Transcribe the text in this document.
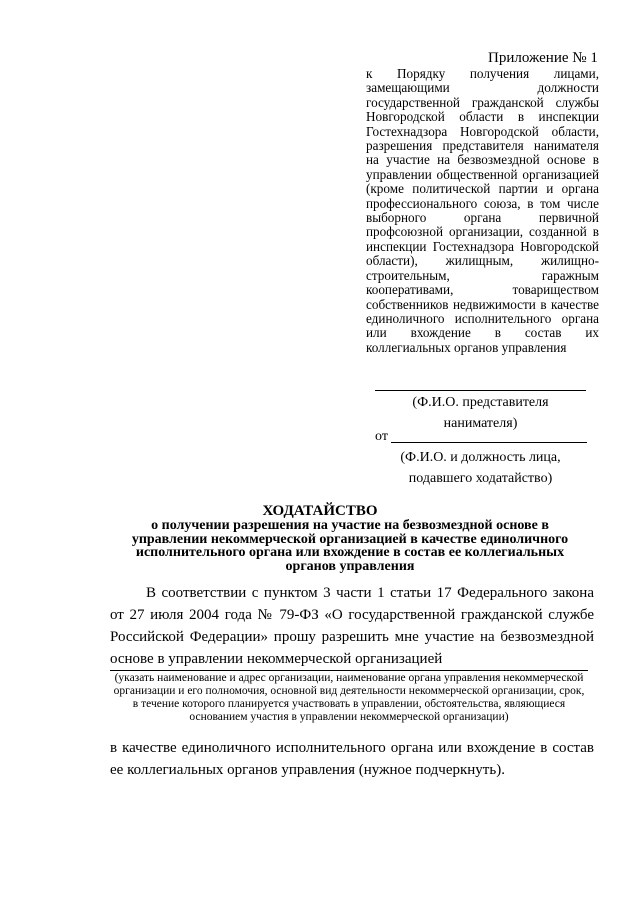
Приложение № 1
к Порядку получения лицами, замещающими должности государственной гражданской службы Новгородской области в инспекции Гостехнадзора Новгородской области, разрешения представителя нанимателя на участие на безвозмездной основе в управлении общественной организацией (кроме политической партии и органа профессионального союза, в том числе выборного органа первичной профсоюзной организации, созданной в инспекции Гостехнадзора Новгородской области), жилищным, жилищно-строительным, гаражным кооперативами, товариществом собственников недвижимости в качестве единоличного исполнительного органа или вхождение в состав их коллегиальных органов управления
(Ф.И.О. представителя нанимателя)
от
(Ф.И.О. и должность лица, подавшего ходатайство)
ХОДАТАЙСТВО
о получении разрешения на участие на безвозмездной основе в управлении некоммерческой организацией в качестве единоличного исполнительного органа или вхождение в состав ее коллегиальных органов управления
В соответствии с пунктом 3 части 1 статьи 17 Федерального закона от 27 июля 2004 года № 79-ФЗ «О государственной гражданской службе Российской Федерации» прошу разрешить мне участие на безвозмездной основе в управлении некоммерческой организацией
(указать наименование и адрес организации, наименование органа управления некоммерческой организации и его полномочия, основной вид деятельности некоммерческой организации, срок, в течение которого планируется участвовать в управлении, обстоятельства, являющиеся основанием участия в управлении некоммерческой организации)
в качестве единоличного исполнительного органа или вхождение в состав ее коллегиальных органов управления (нужное подчеркнуть).
